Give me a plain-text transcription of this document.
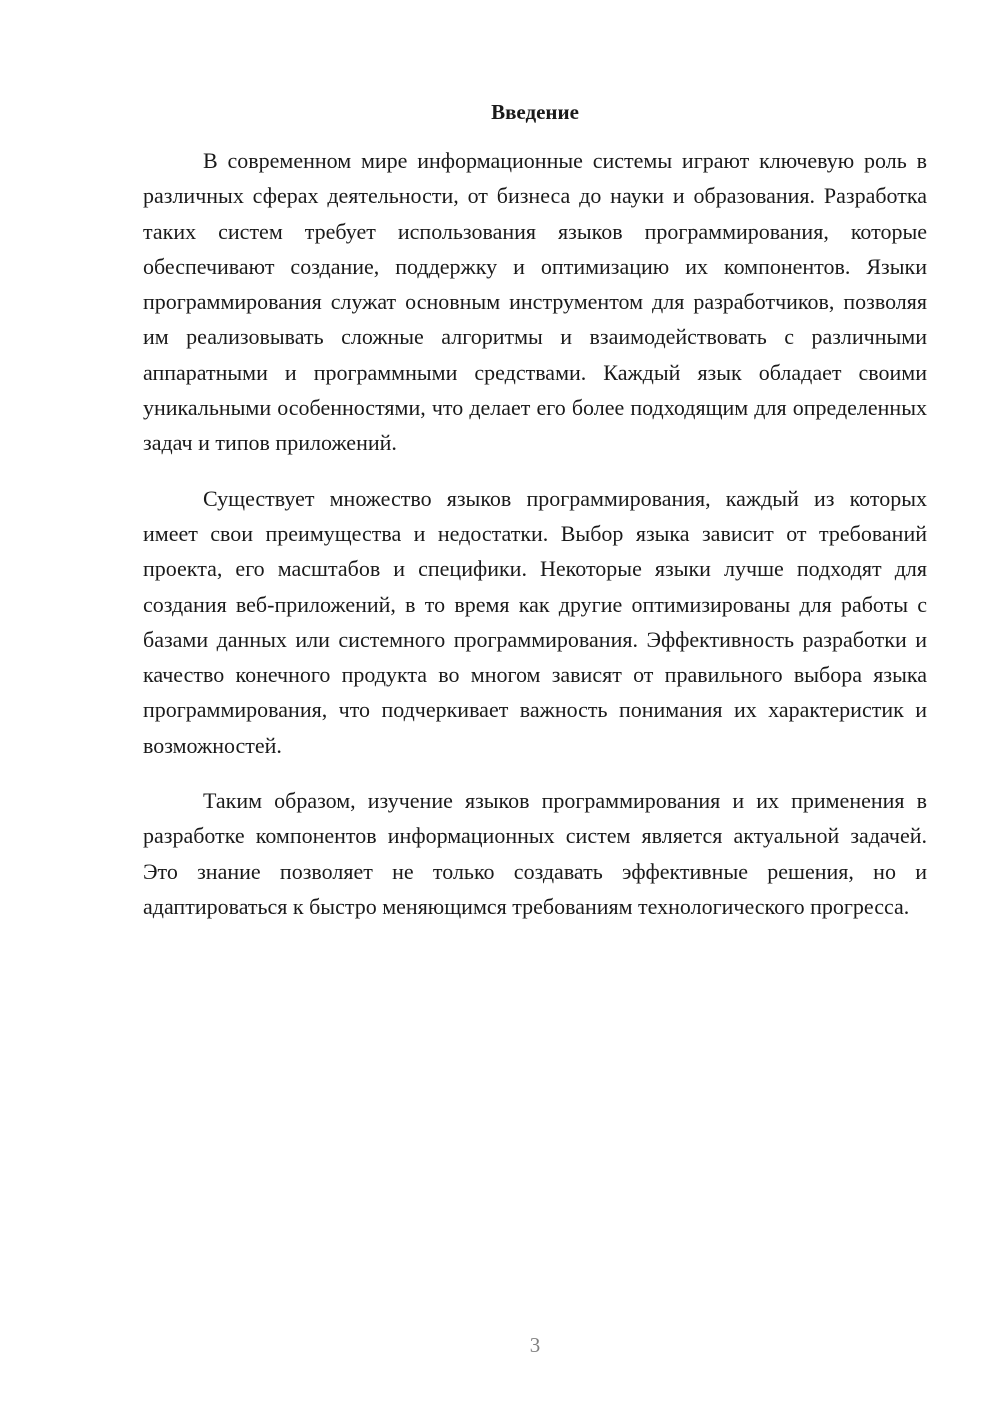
Введение

В современном мире информационные системы играют ключевую роль в различных сферах деятельности, от бизнеса до науки и образования. Разработка таких систем требует использования языков программирования, которые обеспечивают создание, поддержку и оптимизацию их компонентов. Языки программирования служат основным инструментом для разработчиков, позволяя им реализовывать сложные алгоритмы и взаимодействовать с различными аппаратными и программными средствами. Каждый язык обладает своими уникальными особенностями, что делает его более подходящим для определенных задач и типов приложений.

Существует множество языков программирования, каждый из которых имеет свои преимущества и недостатки. Выбор языка зависит от требований проекта, его масштабов и специфики. Некоторые языки лучше подходят для создания веб-приложений, в то время как другие оптимизированы для работы с базами данных или системного программирования. Эффективность разработки и качество конечного продукта во многом зависят от правильного выбора языка программирования, что подчеркивает важность понимания их характеристик и возможностей.

Таким образом, изучение языков программирования и их применения в разработке компонентов информационных систем является актуальной задачей. Это знание позволяет не только создавать эффективные решения, но и адаптироваться к быстро меняющимся требованиям технологического прогресса.

3
